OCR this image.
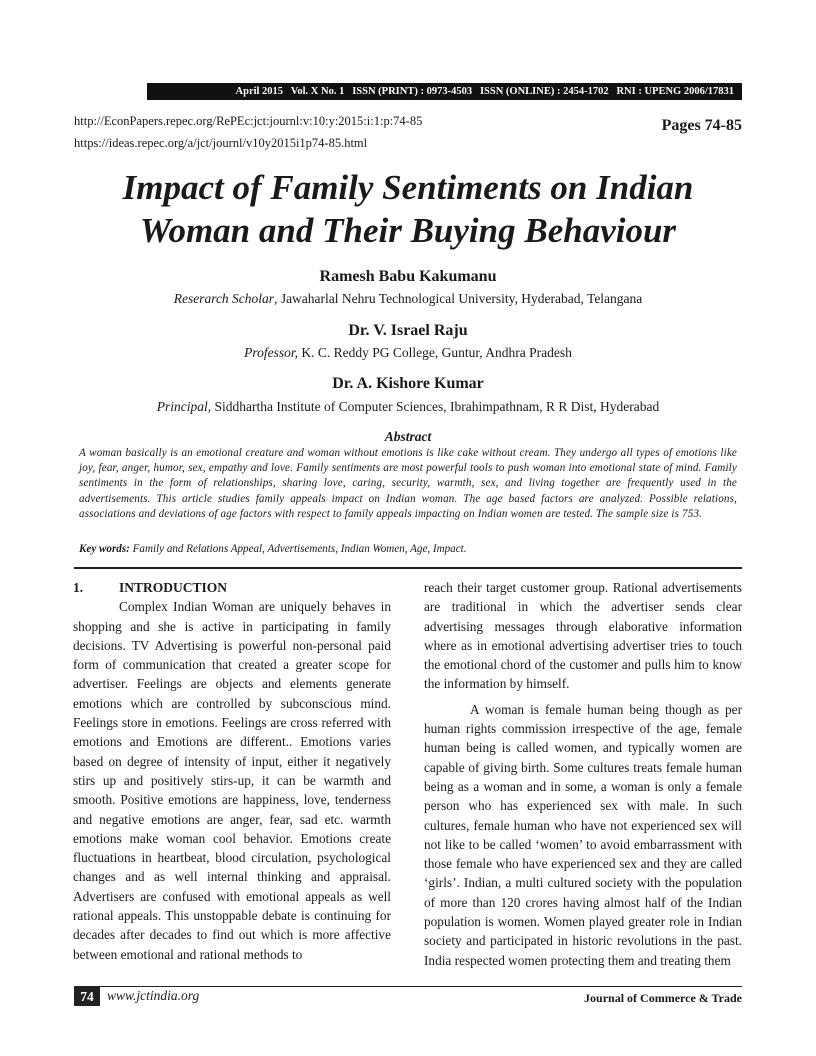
April 2015   Vol. X No. 1   ISSN (PRINT) : 0973-4503   ISSN (ONLINE) : 2454-1702   RNI : UPENG 2006/17831
http://EconPapers.repec.org/RePEc:jct:journl:v:10:y:2015:i:1:p:74-85
https://ideas.repec.org/a/jct/journl/v10y2015i1p74-85.html
Pages 74-85
Impact of Family Sentiments on Indian
Woman and Their Buying Behaviour
Ramesh Babu Kakumanu
Reserarch Scholar, Jawaharlal Nehru Technological University, Hyderabad, Telangana
Dr. V. Israel Raju
Professor, K. C. Reddy PG College, Guntur, Andhra Pradesh
Dr. A. Kishore Kumar
Principal, Siddhartha Institute of Computer Sciences, Ibrahimpathnam, R R Dist, Hyderabad
Abstract

A woman basically is an emotional creature and woman without emotions is like cake without cream. They undergo all types of emotions like joy, fear, anger, humor, sex, empathy and love. Family sentiments are most powerful tools to push woman into emotional state of mind. Family sentiments in the form of relationships, sharing love, caring, security, warmth, sex, and living together are frequently used in the advertisements. This article studies family appeals impact on Indian woman. The age based factors are analyzed. Possible relations, associations and deviations of age factors with respect to family appeals impacting on Indian women are tested. The sample size is 753.

Key words: Family and Relations Appeal, Advertisements, Indian Women, Age, Impact.

1.	INTRODUCTION

Complex Indian Woman are uniquely behaves in shopping and she is active in participating in family decisions. TV Advertising is powerful non-personal paid form of communication that created a greater scope for advertiser. Feelings are objects and elements generate emotions which are controlled by subconscious mind. Feelings store in emotions. Feelings are cross referred with emotions and Emotions are different.. Emotions varies based on degree of intensity of input, either it negatively stirs up and positively stirs-up, it can be warmth and smooth. Positive emotions are happiness, love, tenderness and negative emotions are anger, fear, sad etc. warmth emotions make woman cool behavior. Emotions create fluctuations in heartbeat, blood circulation, psychological changes and as well internal thinking and appraisal. Advertisers are confused with emotional appeals as well rational appeals. This unstoppable debate is continuing for decades after decades to find out which is more affective between emotional and rational methods to

reach their target customer group. Rational advertisements are traditional in which the advertiser sends clear advertising messages through elaborative information where as in emotional advertising advertiser tries to touch the emotional chord of the customer and pulls him to know the information by himself.

A woman is female human being though as per human rights commission irrespective of the age, female human being is called women, and typically women are capable of giving birth. Some cultures treats female human being as a woman and in some, a woman is only a female person who has experienced sex with male. In such cultures, female human who have not experienced sex will not like to be called ‘women’ to avoid embarrassment with those female who have experienced sex and they are called ‘girls’. Indian, a multi cultured society with the population of more than 120 crores having almost half of the Indian population is women. Women played greater role in Indian society and participated in historic revolutions in the past. India respected women protecting them and treating them

74 www.jctindia.org	Journal of Commerce & Trade
